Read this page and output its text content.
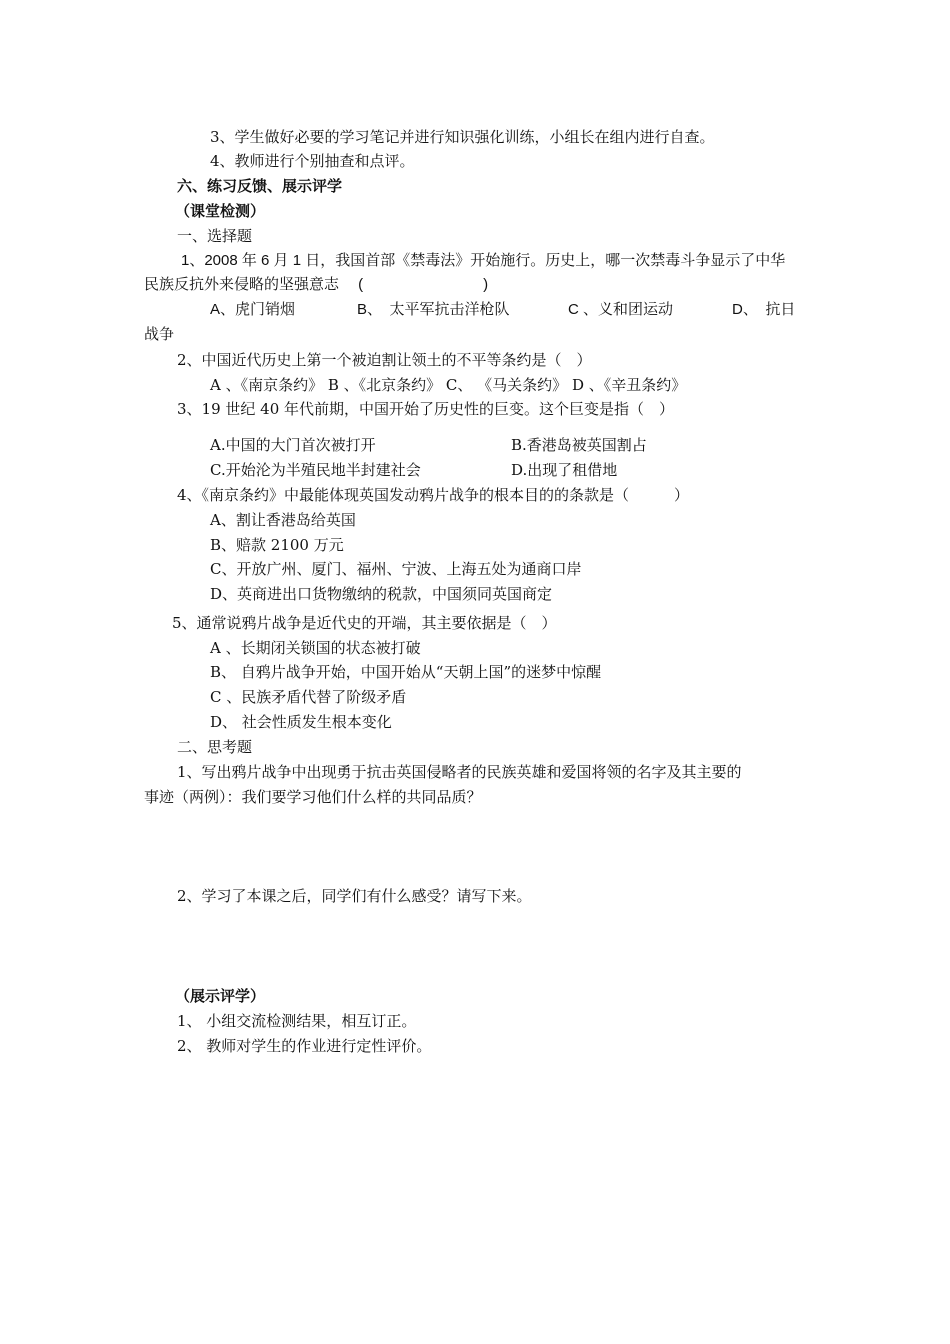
3、学生做好必要的学习笔记并进行知识强化训练，小组长在组内进行自查。
4、教师进行个别抽查和点评。
六、练习反馈、展示评学
（课堂检测）
一、选择题
1、2008 年 6 月 1 日，我国首部《禁毒法》开始施行。历史上，哪一次禁毒斗争显示了中华
民族反抗外来侵略的坚强意志　 (　　　　　　　　)
A、虎门销烟	B、　太平军抗击洋枪队	C 、义和团运动	D、　抗日
战争
2、中国近代历史上第一个被迫割让领土的不平等条约是（　）
A 、《南京条约》 B 、《北京条约》 C、 《马关条约》 D 、《辛丑条约》
3、19 世纪 40 年代前期，中国开始了历史性的巨变。这个巨变是指（　）
A.中国的大门首次被打开	B.香港岛被英国割占
C.开始沦为半殖民地半封建社会	D.出现了租借地
4、《南京条约》中最能体现英国发动鸦片战争的根本目的的条款是（　　　）
A、割让香港岛给英国
B、赔款 2100 万元
C、开放广州、厦门、福州、宁波、上海五处为通商口岸
D、英商进出口货物缴纳的税款，中国须同英国商定
5、通常说鸦片战争是近代史的开端，其主要依据是（　）
A 、长期闭关锁国的状态被打破
B、 自鸦片战争开始，中国开始从“天朝上国”的迷梦中惊醒
C 、民族矛盾代替了阶级矛盾
D、 社会性质发生根本变化
二、思考题
1、写出鸦片战争中出现勇于抗击英国侵略者的民族英雄和爱国将领的名字及其主要的
事迹（两例）：我们要学习他们什么样的共同品质？
2、学习了本课之后，同学们有什么感受？请写下来。
（展示评学）
1、 小组交流检测结果，相互订正。
2、 教师对学生的作业进行定性评价。
